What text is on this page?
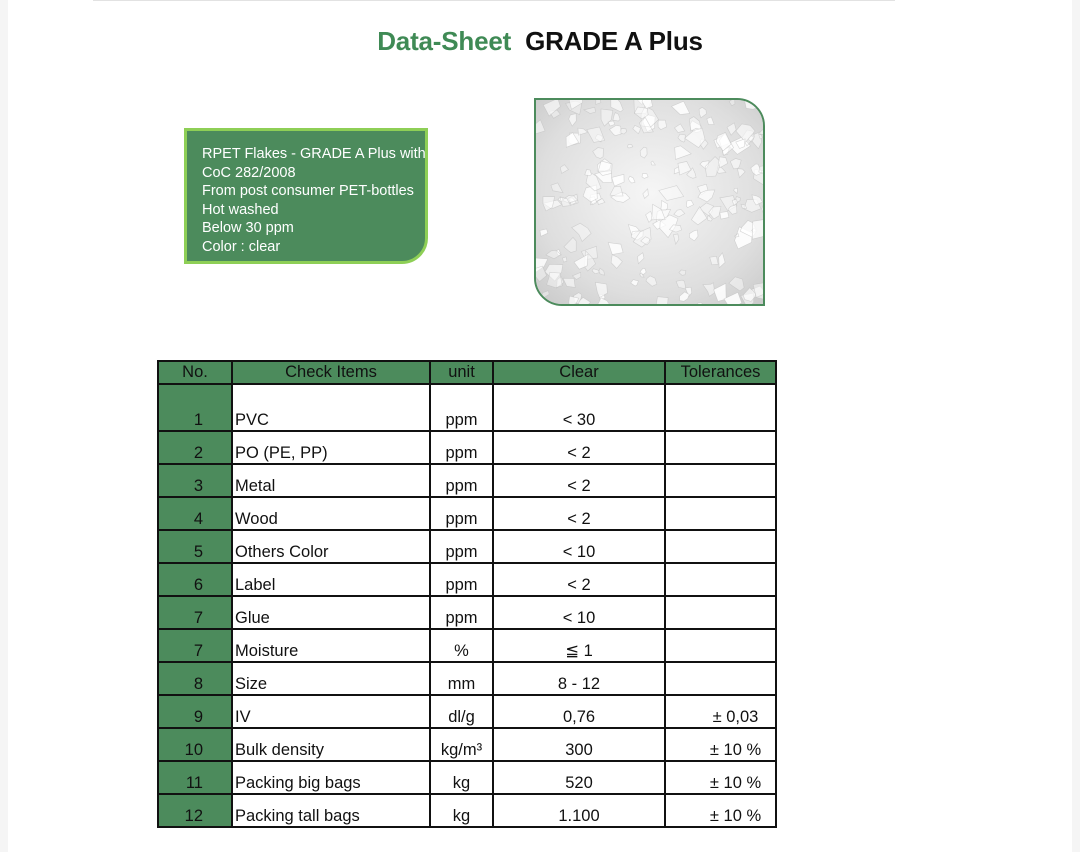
Data-Sheet GRADE A Plus
RPET Flakes - GRADE A Plus with
CoC 282/2008
From post consumer PET-bottles
Hot washed
Below 30 ppm
Color : clear
No.	Check Items	unit	Clear	Tolerances
1	PVC	ppm	< 30	
2	PO (PE, PP)	ppm	< 2	
3	Metal	ppm	< 2	
4	Wood	ppm	< 2	
5	Others Color	ppm	< 10	
6	Label	ppm	< 2	
7	Glue	ppm	< 10	
7	Moisture	%	≦ 1	
8	Size	mm	8 - 12	
9	IV	dl/g	0,76	± 0,03
10	Bulk density	kg/m³	300	± 10 %
11	Packing big bags	kg	520	± 10 %
12	Packing tall bags	kg	1.100	± 10 %
